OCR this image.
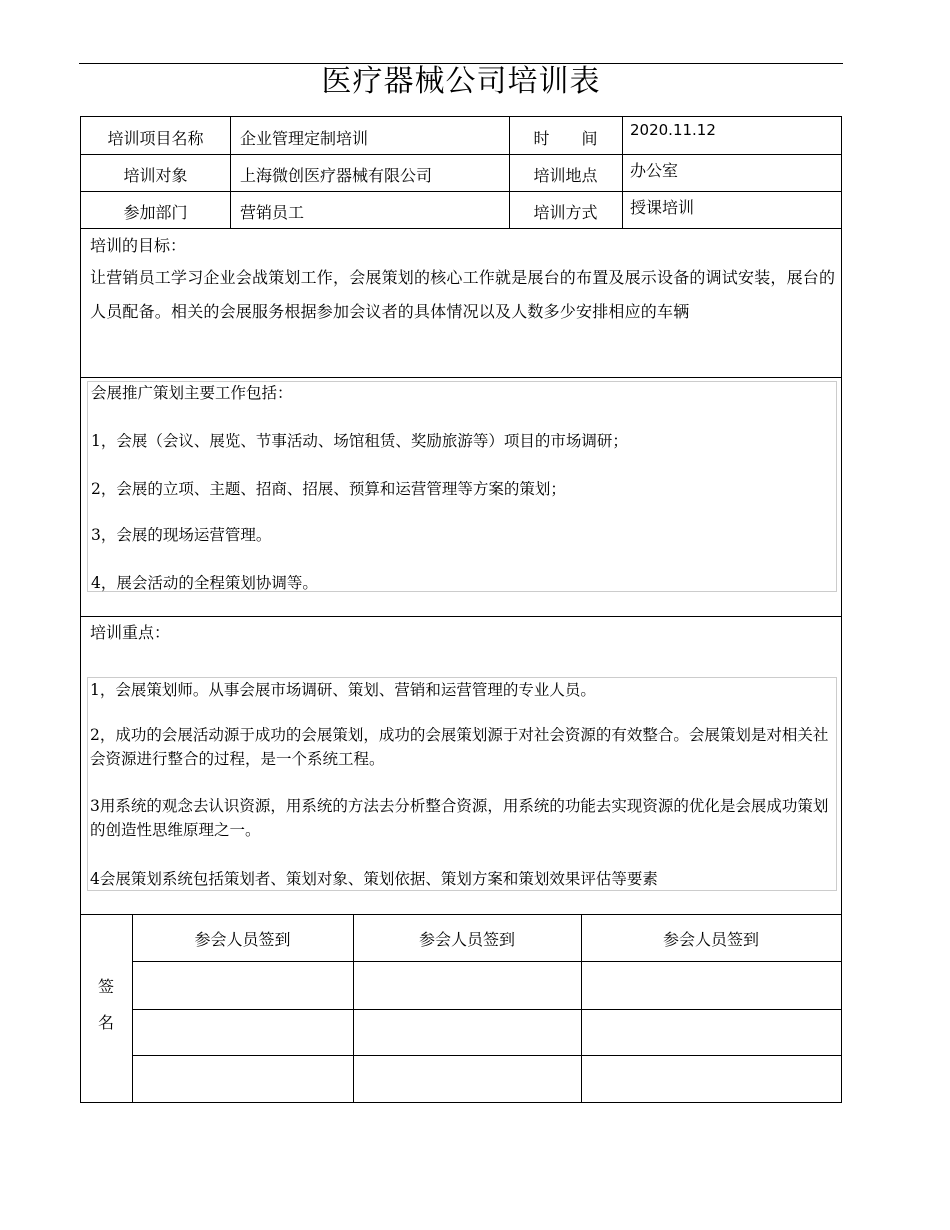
医疗器械公司培训表
培训项目名称	企业管理定制培训	时　　间	2020.11.12
培训对象	上海微创医疗器械有限公司	培训地点	办公室
参加部门	营销员工	培训方式	授课培训
培训的目标：
让营销员工学习企业会战策划工作，会展策划的核心工作就是展台的布置及展示设备的调试安装，展台的人员配备。相关的会展服务根据参加会议者的具体情况以及人数多少安排相应的车辆
会展推广策划主要工作包括：
1，会展（会议、展览、节事活动、场馆租赁、奖励旅游等）项目的市场调研；
2，会展的立项、主题、招商、招展、预算和运营管理等方案的策划；
3，会展的现场运营管理。
4，展会活动的全程策划协调等。
培训重点：
1，会展策划师。从事会展市场调研、策划、营销和运营管理的专业人员。
2，成功的会展活动源于成功的会展策划，成功的会展策划源于对社会资源的有效整合。会展策划是对相关社会资源进行整合的过程，是一个系统工程。
3用系统的观念去认识资源，用系统的方法去分析整合资源，用系统的功能去实现资源的优化是会展成功策划的创造性思维原理之一。
4会展策划系统包括策划者、策划对象、策划依据、策划方案和策划效果评估等要素
签
名
参会人员签到	参会人员签到	参会人员签到
